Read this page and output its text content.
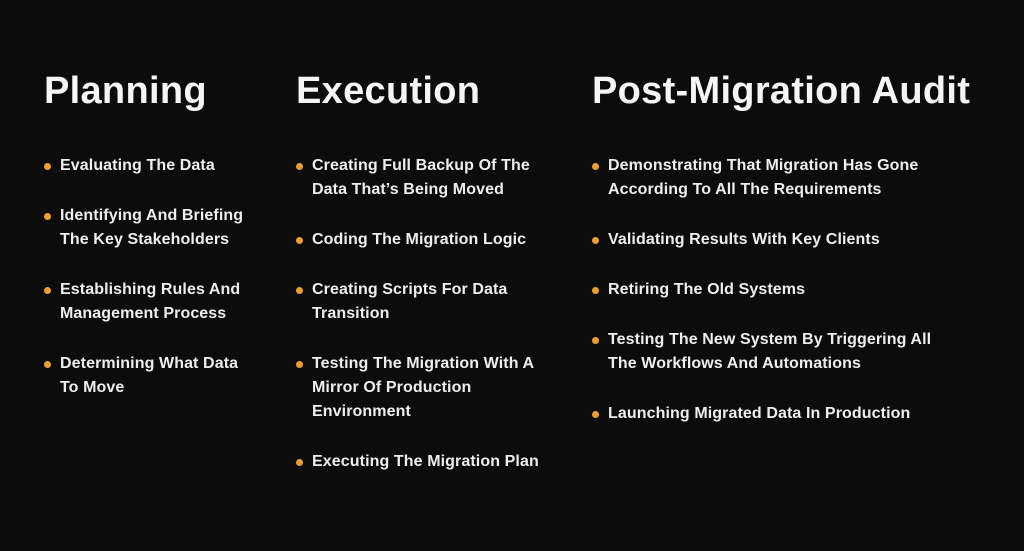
Planning
Evaluating The Data
Identifying And Briefing The Key Stakeholders
Establishing Rules And Management Process
Determining What Data To Move
Execution
Creating Full Backup Of The Data That’s Being Moved
Coding The Migration Logic
Creating Scripts For Data Transition
Testing The Migration With A Mirror Of Production Environment
Executing The Migration Plan
Post-Migration Audit
Demonstrating That Migration Has Gone According To All The Requirements
Validating Results With Key Clients
Retiring The Old Systems
Testing The New System By Triggering All The Workflows And Automations
Launching Migrated Data In Production
